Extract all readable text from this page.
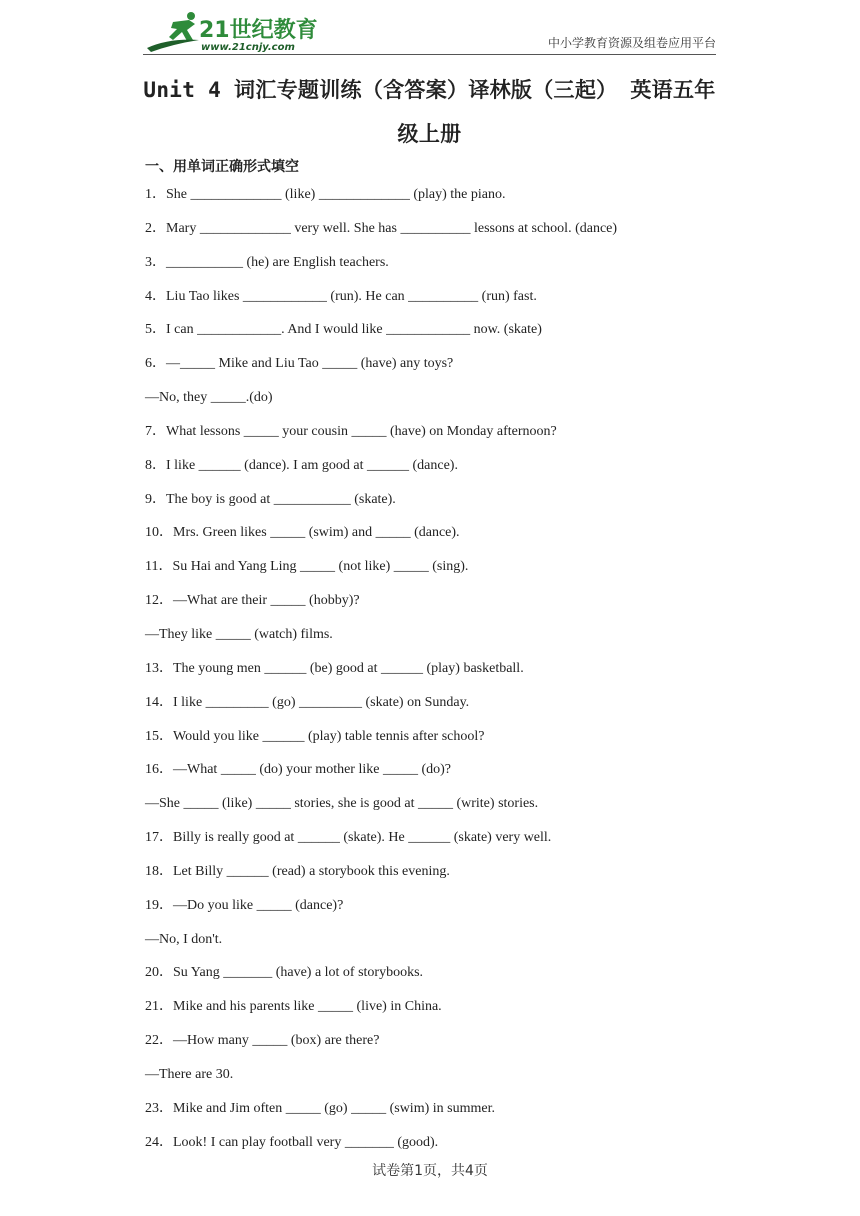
21世纪教育
www.21cnjy.com	中小学教育资源及组卷应用平台
Unit 4 词汇专题训练（含答案）译林版（三起） 英语五年
级上册
一、用单词正确形式填空
1．She _____________ (like) _____________ (play) the piano.
2．Mary _____________ very well. She has __________ lessons at school. (dance)
3．___________ (he) are English teachers.
4．Liu Tao likes ____________ (run). He can __________ (run) fast.
5．I can ____________. And I would like ____________ now. (skate)
6．—_____ Mike and Liu Tao _____ (have) any toys?
—No, they _____.(do)
7．What lessons _____ your cousin _____ (have) on Monday afternoon?
8．I like ______ (dance). I am good at ______ (dance).
9．The boy is good at ___________ (skate).
10．Mrs. Green likes _____ (swim) and _____ (dance).
11．Su Hai and Yang Ling _____ (not like) _____ (sing).
12．—What are their _____ (hobby)?
—They like _____ (watch) films.
13．The young men ______ (be) good at ______ (play) basketball.
14．I like _________ (go) _________ (skate) on Sunday.
15．Would you like ______ (play) table tennis after school?
16．—What _____ (do) your mother like _____ (do)?
—She _____ (like) _____ stories, she is good at _____ (write) stories.
17．Billy is really good at ______ (skate). He ______ (skate) very well.
18．Let Billy ______ (read) a storybook this evening.
19．—Do you like _____ (dance)?
—No, I don't.
20．Su Yang _______ (have) a lot of storybooks.
21．Mike and his parents like _____ (live) in China.
22．—How many _____ (box) are there?
—There are 30.
23．Mike and Jim often _____ (go) _____ (swim) in summer.
24．Look! I can play football very _______ (good).
试卷第1页，共4页
